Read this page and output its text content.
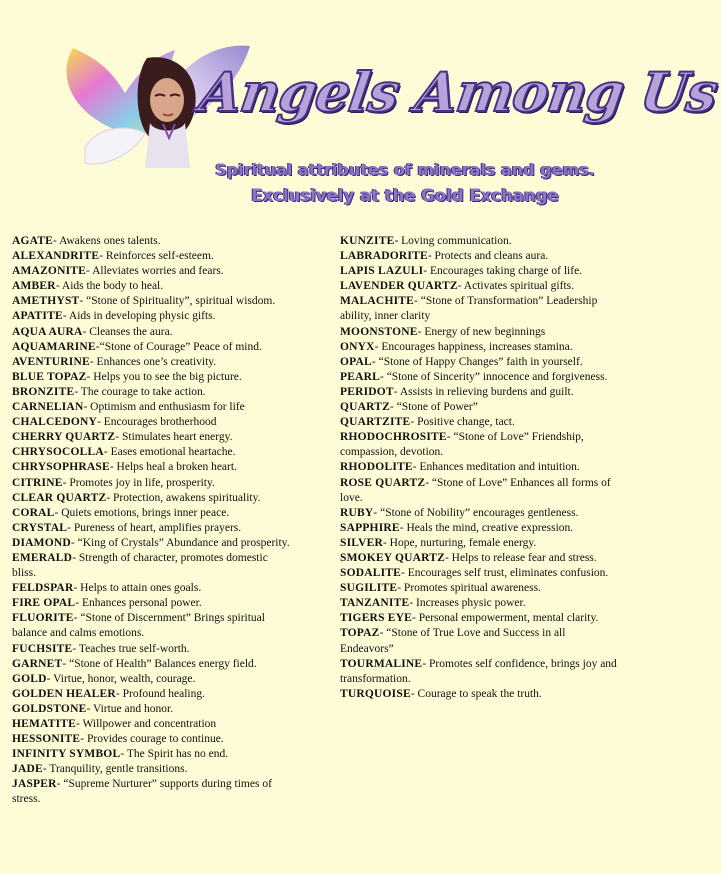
Angels Among Us
Spiritual attributes of minerals and gems.
Exclusively at the Gold Exchange

AGATE- Awakens ones talents.

ALEXANDRITE- Reinforces self-esteem.

AMAZONITE- Alleviates worries and fears.

AMBER- Aids the body to heal.

AMETHYST- “Stone of Spirituality”, spiritual wisdom.

APATITE- Aids in developing physic gifts.

AQUA AURA- Cleanses the aura.

AQUAMARINE-“Stone of Courage” Peace of mind.

AVENTURINE- Enhances one’s creativity.

BLUE TOPAZ- Helps you to see the big picture.

BRONZITE- The courage to take action.

CARNELIAN- Optimism and enthusiasm for life

CHALCEDONY- Encourages brotherhood

CHERRY QUARTZ- Stimulates heart energy.

CHRYSOCOLLA- Eases emotional heartache.

CHRYSOPHRASE- Helps heal a broken heart.

CITRINE- Promotes joy in life, prosperity.

CLEAR QUARTZ- Protection, awakens spirituality.

CORAL- Quiets emotions, brings inner peace.

CRYSTAL- Pureness of heart, amplifies prayers.

DIAMOND- “King of Crystals” Abundance and prosperity.

EMERALD- Strength of character, promotes domestic bliss.

FELDSPAR- Helps to attain ones goals.

FIRE OPAL- Enhances personal power.

FLUORITE- “Stone of Discernment” Brings spiritual balance and calms emotions.

FUCHSITE- Teaches true self-worth.

GARNET- “Stone of Health” Balances energy field.

GOLD- Virtue, honor, wealth, courage.

GOLDEN HEALER- Profound healing.

GOLDSTONE- Virtue and honor.

HEMATITE- Willpower and concentration

HESSONITE- Provides courage to continue.

INFINITY SYMBOL- The Spirit has no end.

JADE- Tranquility, gentle transitions.

JASPER- “Supreme Nurturer” supports during times of stress.

KUNZITE- Loving communication.

LABRADORITE- Protects and cleans aura.

LAPIS LAZULI- Encourages taking charge of life.

LAVENDER QUARTZ- Activates spiritual gifts.

MALACHITE- “Stone of Transformation” Leadership ability, inner clarity

MOONSTONE- Energy of new beginnings

ONYX- Encourages happiness, increases stamina.

OPAL- “Stone of Happy Changes” faith in yourself.

PEARL- “Stone of Sincerity” innocence and forgiveness.

PERIDOT- Assists in relieving burdens and guilt.

QUARTZ- “Stone of Power”

QUARTZITE- Positive change, tact.

RHODOCHROSITE- “Stone of Love” Friendship, compassion, devotion.

RHODOLITE- Enhances meditation and intuition.

ROSE QUARTZ- “Stone of Love” Enhances all forms of love.

RUBY- “Stone of Nobility” encourages gentleness.

SAPPHIRE- Heals the mind, creative expression.

SILVER- Hope, nurturing, female energy.

SMOKEY QUARTZ- Helps to release fear and stress.

SODALITE- Encourages self trust, eliminates confusion.

SUGILITE- Promotes spiritual awareness.

TANZANITE- Increases physic power.

TIGERS EYE- Personal empowerment, mental clarity.

TOPAZ- “Stone of True Love and Success in all Endeavors”

TOURMALINE- Promotes self confidence, brings joy and transformation.

TURQUOISE- Courage to speak the truth.
